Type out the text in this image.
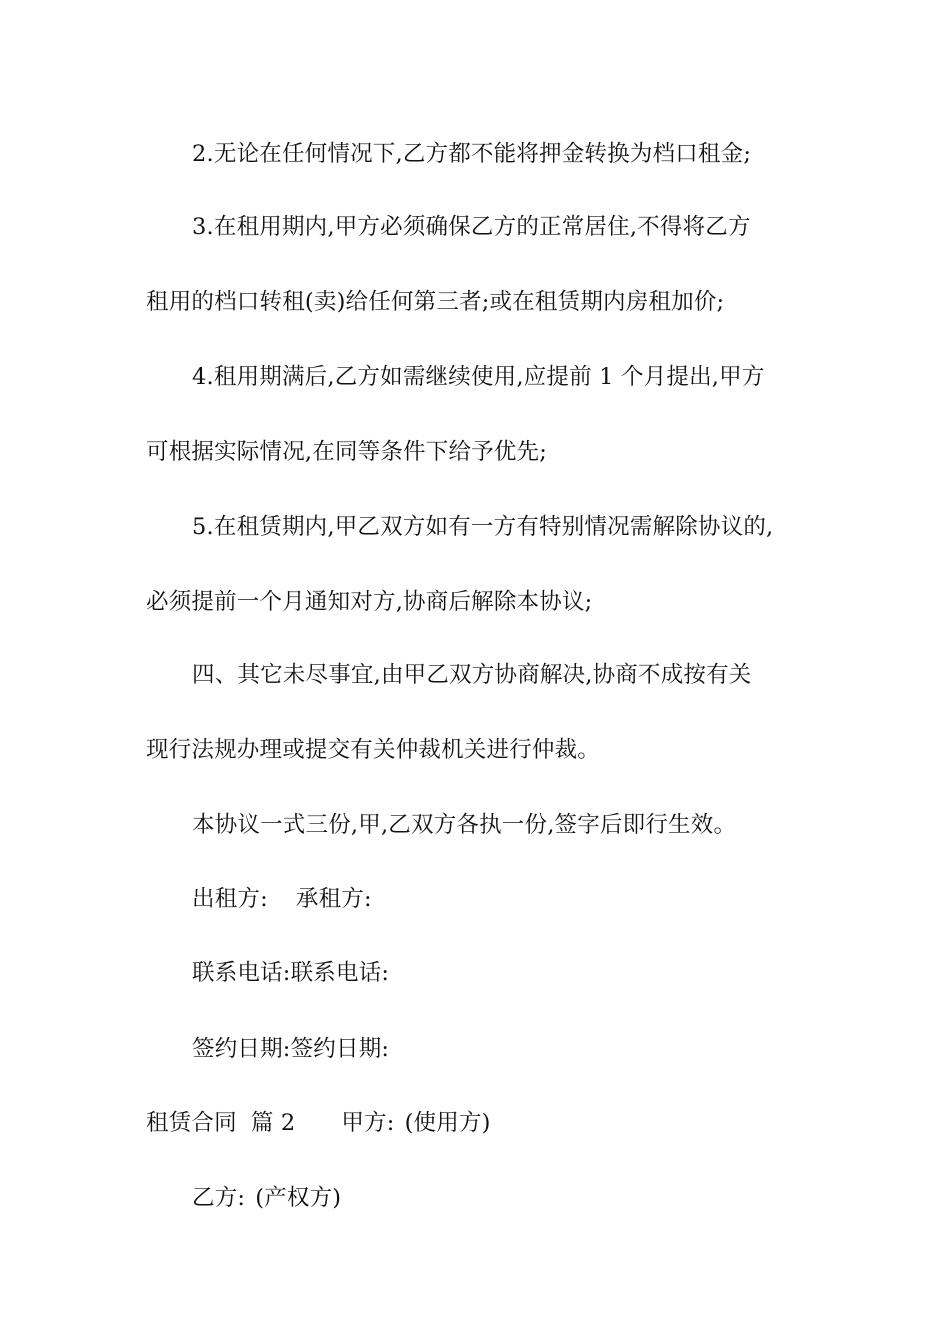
2.无论在任何情况下,乙方都不能将押金转换为档口租金;
3.在租用期内,甲方必须确保乙方的正常居住,不得将乙方
租用的档口转租(卖)给任何第三者;或在租赁期内房租加价;
4.租用期满后,乙方如需继续使用,应提前 1 个月提出,甲方
可根据实际情况,在同等条件下给予优先;
5.在租赁期内,甲乙双方如有一方有特别情况需解除协议的,
必须提前一个月通知对方,协商后解除本协议;
四、其它未尽事宜,由甲乙双方协商解决,协商不成按有关
现行法规办理或提交有关仲裁机关进行仲裁。
本协议一式三份,甲,乙双方各执一份,签字后即行生效。
出租方: 承租方:
联系电话:联系电话:
签约日期:签约日期:
租赁合同 篇 2 甲方: (使用方)
乙方: (产权方)
